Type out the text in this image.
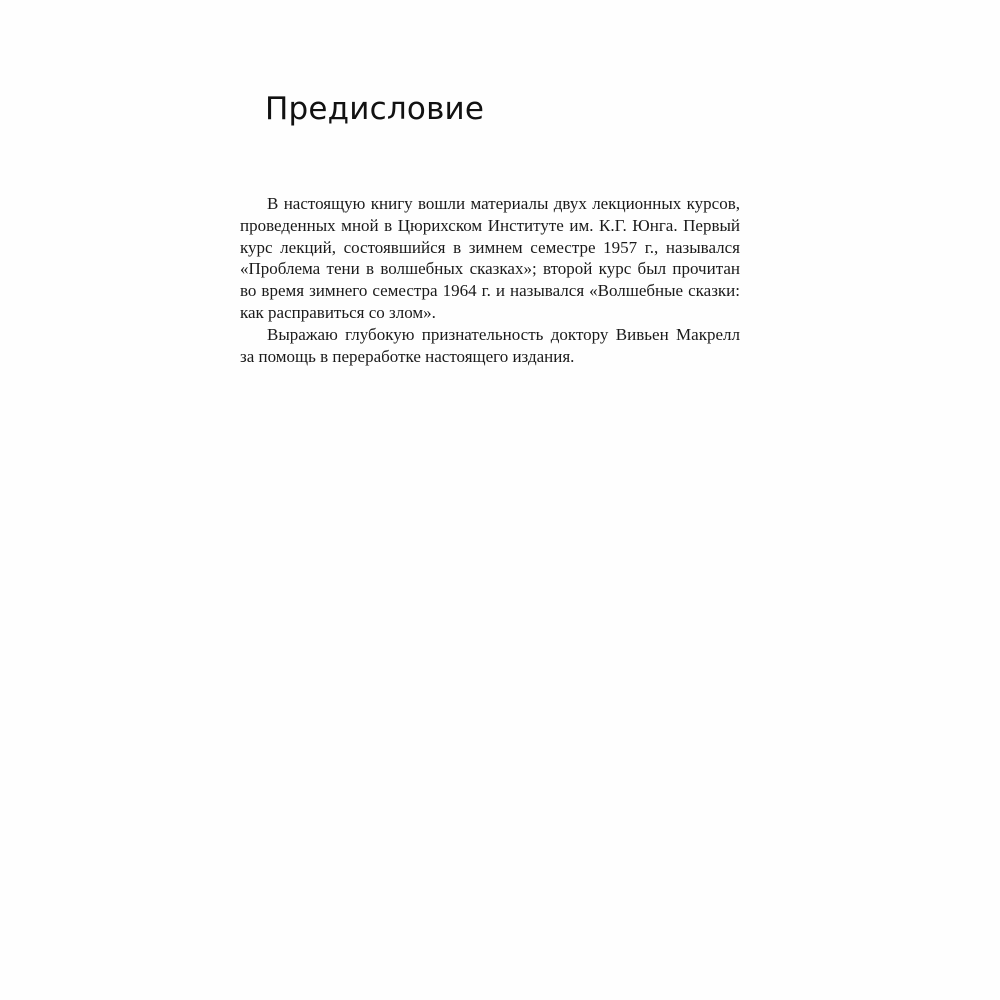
Предисловие

В настоящую книгу вошли материалы двух лекционных курсов, проведенных мной в Цюрихском Институте им. К.Г. Юнга. Первый курс лекций, состоявшийся в зимнем семестре 1957 г., назывался «Проблема тени в волшебных сказках»; второй курс был прочитан во время зимнего семестра 1964 г. и назывался «Волшебные сказки: как расправиться со злом».

Выражаю глубокую признательность доктору Вивьен Макрелл за помощь в переработке настоящего издания.
